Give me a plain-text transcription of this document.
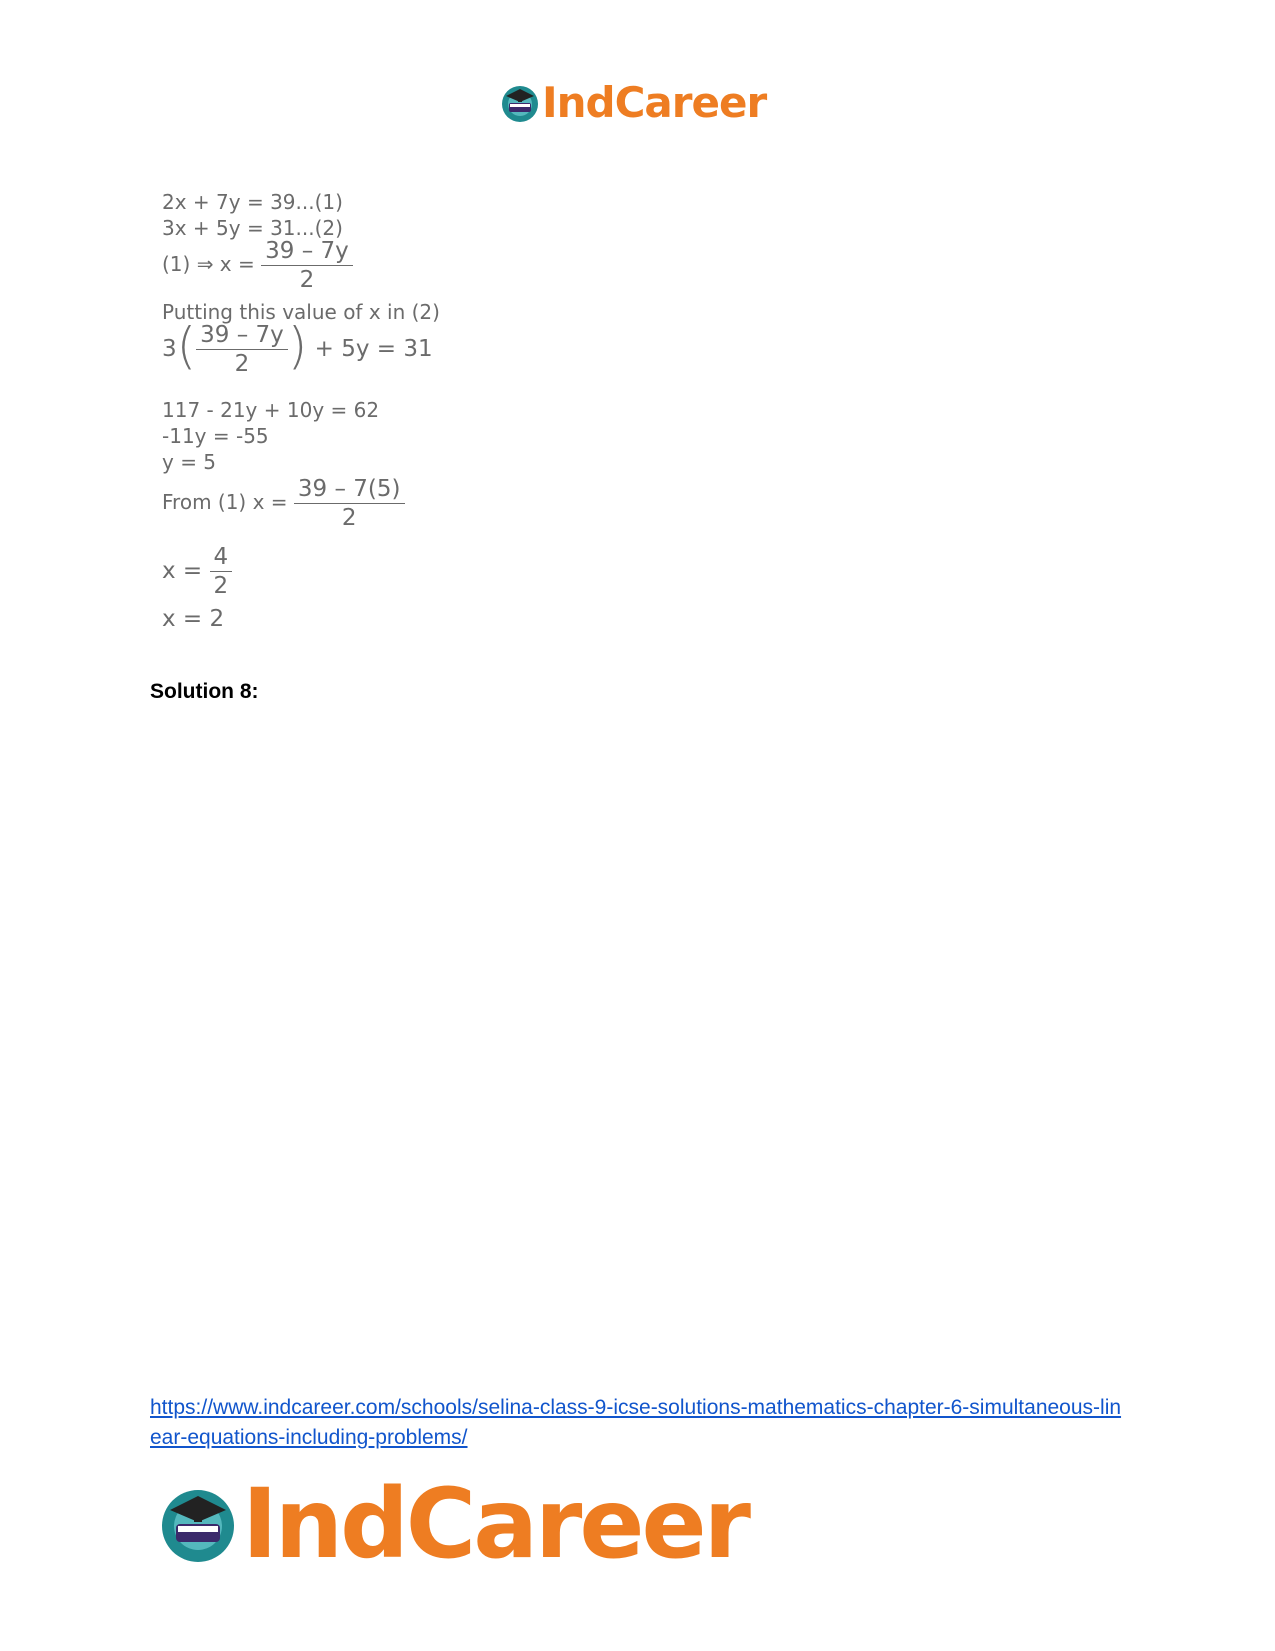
IndCareer
2x + 7y = 39...(1)
3x + 5y = 31...(2)
(1) ⇒ $x = \frac{39 - 7y}{2}$
Putting this value of x in (2)
$3( \frac{39 - 7y}{2}$ ) + 5y = 31
117 - 21y + 10y = 62
-11y = -55
y = 5
From (1) $x = \frac{39 - 7(5)}{2}$
$x = \frac{4}{2}$
x = 2
Solution 8:
https://www.indcareer.com/schools/selina-class-9-icse-solutions-mathematics-chapter-6-simultaneous-linear-equations-including-problems/
IndCareer
